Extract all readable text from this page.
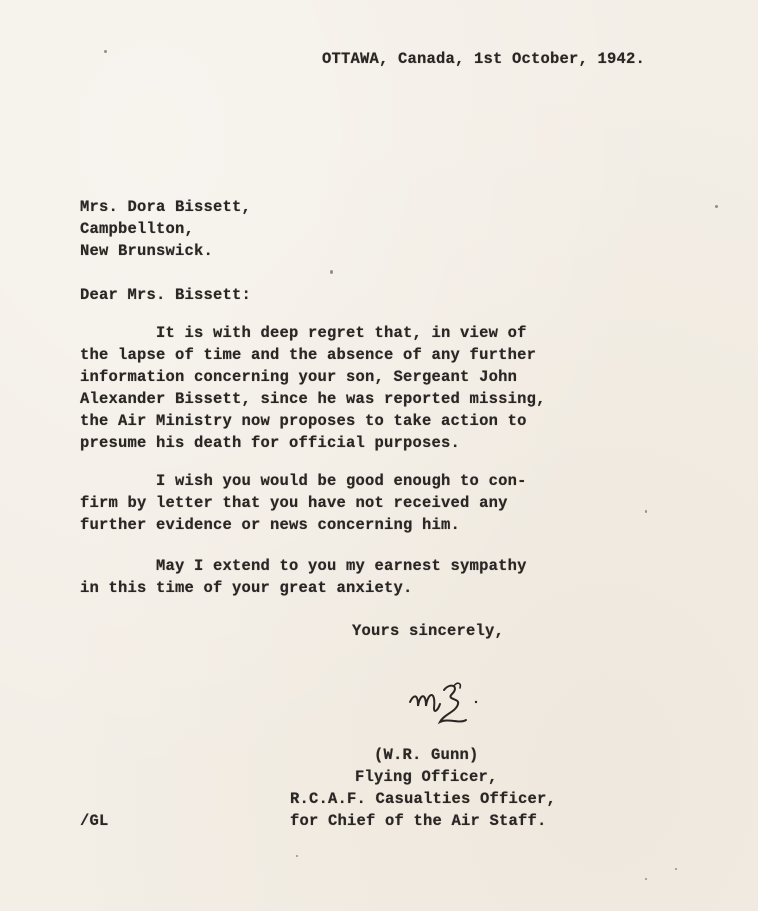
OTTAWA, Canada, 1st October, 1942.
Mrs. Dora Bissett,
Campbellton,
New Brunswick.
Dear Mrs. Bissett:
It is with deep regret that, in view of
the lapse of time and the absence of any further
information concerning your son, Sergeant John
Alexander Bissett, since he was reported missing,
the Air Ministry now proposes to take action to
presume his death for official purposes.
I wish you would be good enough to con-
firm by letter that you have not received any
further evidence or news concerning him.
May I extend to you my earnest sympathy
in this time of your great anxiety.
Yours sincerely,
(W.R. Gunn)
Flying Officer,
R.C.A.F. Casualties Officer,
for Chief of the Air Staff.
/GL
